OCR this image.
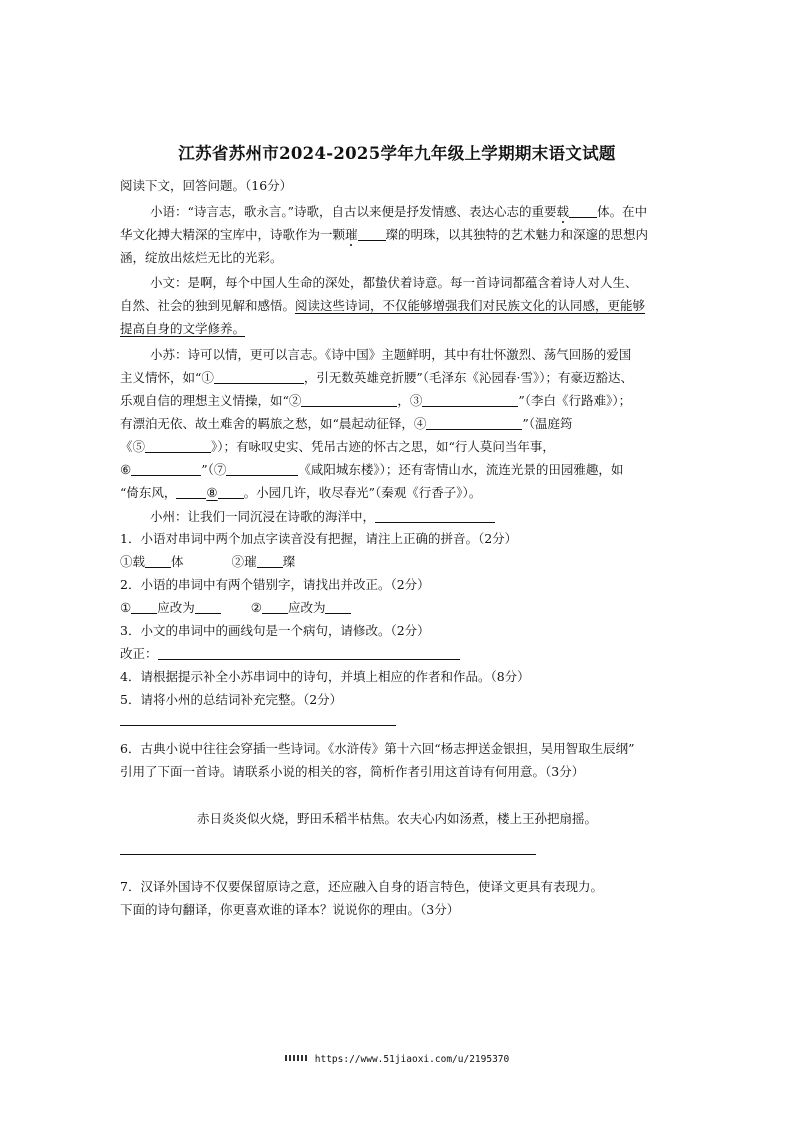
江苏省苏州市2024-2025学年九年级上学期期末语文试题
阅读下文，回答问题。（16分）
小语：“诗言志，歌永言。”诗歌，自古以来便是抒发情感、表达心志的重要载 体。在中
华文化搏大精深的宝库中，诗歌作为一颗璀 璨的明珠，以其独特的艺术魅力和深邃的思想内
涵，绽放出炫烂无比的光彩。
小文：是啊，每个中国人生命的深处，都蛰伏着诗意。每一首诗词都蕴含着诗人对人生、
自然、社会的独到见解和感悟。阅读这些诗词，不仅能够增强我们对民族文化的认同感，更能够
提高自身的文学修养。
小苏：诗可以情，更可以言志。《诗中国》主题鲜明，其中有壮怀激烈、荡气回肠的爱国
主义情怀，如“①	，引无数英雄竞折腰”（毛泽东《沁园春·雪》）；有豪迈豁达、
乐观自信的理想主义情操，如“②	，③	”（李白《行路难》）；
有漂泊无依、故土难舍的羁旅之愁，如“晨起动征铎，④	”（温庭筠
《⑤	》）；有咏叹史实、凭吊古迹的怀古之思，如“行人莫问当年事，
⑥	”（⑦	《咸阳城东楼》）；还有寄情山水，流连光景的田园雅趣，如
“倚东风， ⑧ 。小园几许，收尽春光”（秦观《行香子》）。
小州：让我们一同沉浸在诗歌的海洋中，
1．小语对串词中两个加点字读音没有把握，请注上正确的拼音。（2分）
①载 体	②璀 璨
2．小语的串词中有两个错别字，请找出并改正。（2分）
① 应改为	② 应改为
3．小文的串词中的画线句是一个病句，请修改。（2分）
改正：
4．请根据提示补全小苏串词中的诗句，并填上相应的作者和作品。（8分）
5．请将小州的总结词补充完整。（2分）
6．古典小说中往往会穿插一些诗词。《水浒传》第十六回“杨志押送金银担，吴用智取生辰纲”
引用了下面一首诗。请联系小说的相关的容，简析作者引用这首诗有何用意。（3分）
赤日炎炎似火烧，野田禾稻半枯焦。农夫心内如汤煮，楼上王孙把扇摇。
7．汉译外国诗不仅要保留原诗之意，还应融入自身的语言特色，使译文更具有表现力。
下面的诗句翻译，你更喜欢谁的译本？说说你的理由。（3分）
https://www.51jiaoxi.com/u/2195370
